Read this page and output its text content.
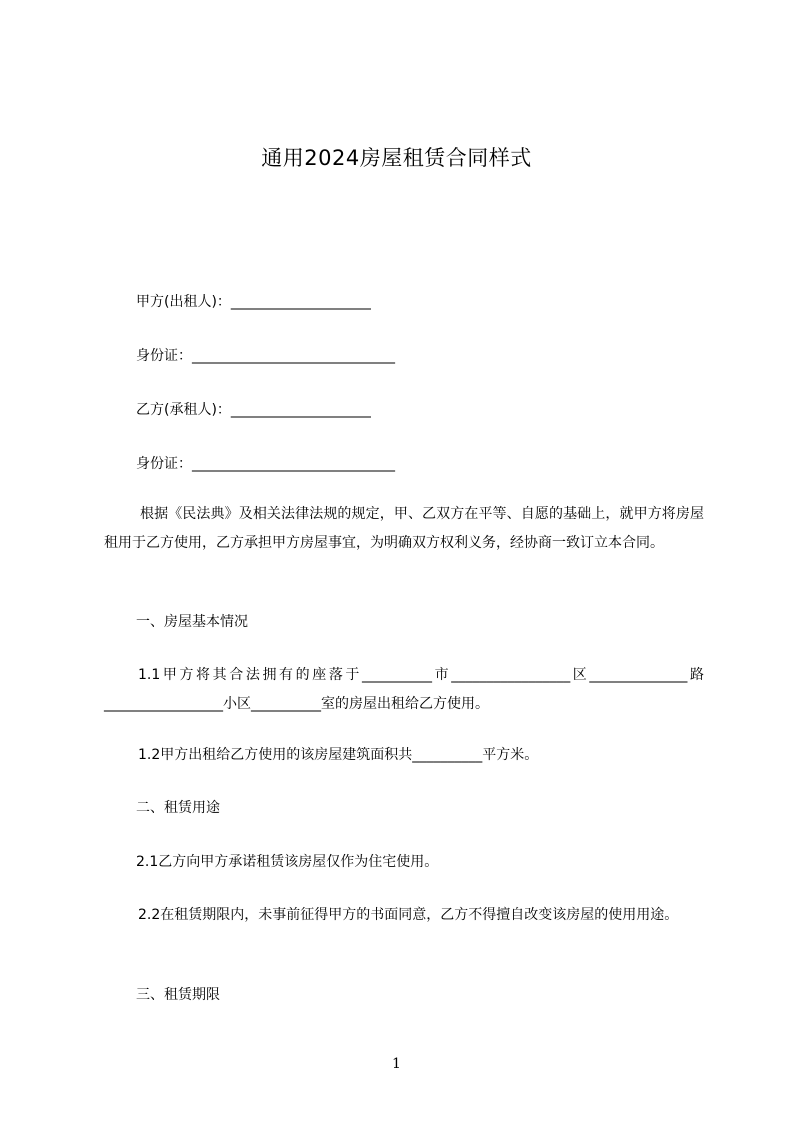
通用2024房屋租赁合同样式
甲方(出租人)：____________________
身份证：_____________________________
乙方(承租人)：____________________
身份证：_____________________________
根据《民法典》及相关法律法规的规定，甲、乙双方在平等、自愿的基础上，就甲方将房屋租用于乙方使用，乙方承担甲方房屋事宜，为明确双方权利义务，经协商一致订立本合同。
一、房屋基本情况
1.1甲方将其合法拥有的座落于__________市_________________区______________路_________________小区__________室的房屋出租给乙方使用。
1.2甲方出租给乙方使用的该房屋建筑面积共__________平方米。
二、租赁用途
2.1乙方向甲方承诺租赁该房屋仅作为住宅使用。
2.2在租赁期限内，未事前征得甲方的书面同意，乙方不得擅自改变该房屋的使用用途。
三、租赁期限
1
